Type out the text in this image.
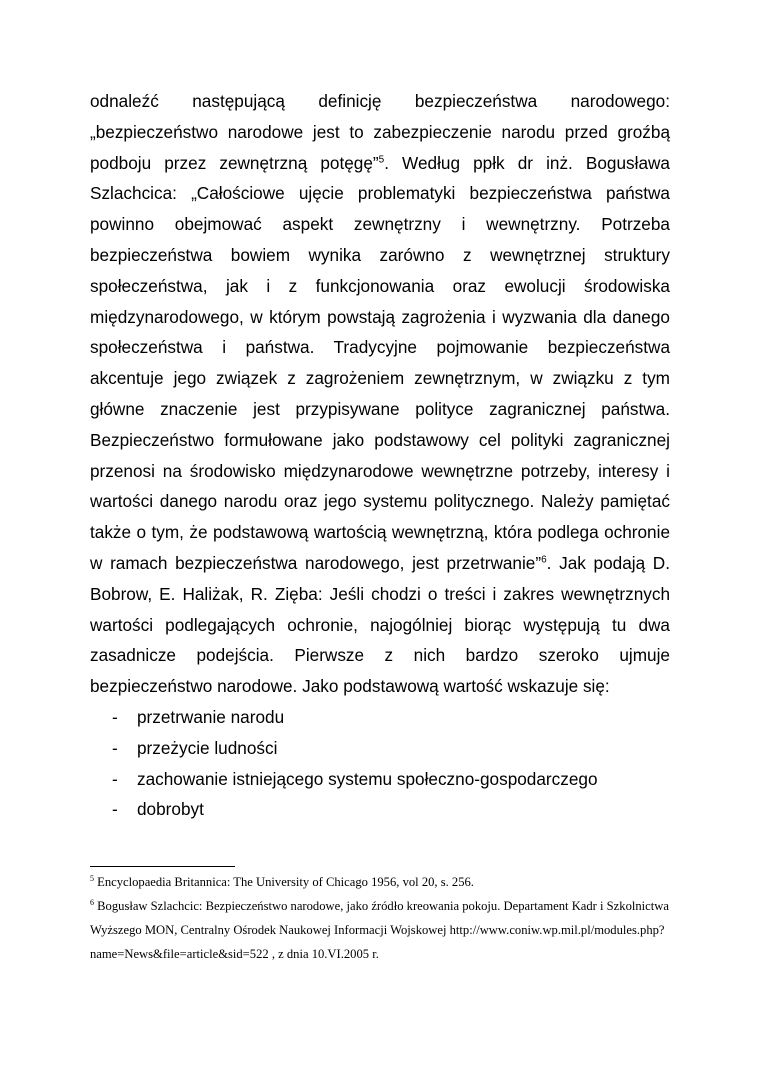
odnaleźć następującą definicję bezpieczeństwa narodowego: „bezpieczeństwo narodowe jest to zabezpieczenie narodu przed groźbą podboju przez zewnętrzną potęgę”$^5$. Według ppłk dr inż. Bogusława Szlachcica: „Całościowe ujęcie problematyki bezpieczeństwa państwa powinno obejmować aspekt zewnętrzny i wewnętrzny. Potrzeba bezpieczeństwa bowiem wynika zarówno z wewnętrznej struktury społeczeństwa, jak i z funkcjonowania oraz ewolucji środowiska międzynarodowego, w którym powstają zagrożenia i wyzwania dla danego społeczeństwa i państwa. Tradycyjne pojmowanie bezpieczeństwa akcentuje jego związek z zagrożeniem zewnętrznym, w związku z tym główne znaczenie jest przypisywane polityce zagranicznej państwa. Bezpieczeństwo formułowane jako podstawowy cel polityki zagranicznej przenosi na środowisko międzynarodowe wewnętrzne potrzeby, interesy i wartości danego narodu oraz jego systemu politycznego. Należy pamiętać także o tym, że podstawową wartością wewnętrzną, która podlega ochronie w ramach bezpieczeństwa narodowego, jest przetrwanie”$^6$. Jak podają D. Bobrow, E. Haliżak, R. Zięba: Jeśli chodzi o treści i zakres wewnętrznych wartości podlegających ochronie, najogólniej biorąc występują tu dwa zasadnicze podejścia. Pierwsze z nich bardzo szeroko ujmuje bezpieczeństwo narodowe. Jako podstawową wartość wskazuje się:

- przetrwanie narodu
- przeżycie ludności
- zachowanie istniejącego systemu społeczno-gospodarczego
- dobrobyt

$^5$ Encyclopaedia Britannica: The University of Chicago 1956, vol 20, s. 256.

$^6$ Bogusław Szlachcic: Bezpieczeństwo narodowe, jako źródło kreowania pokoju. Departament Kadr i Szkolnictwa Wyższego MON, Centralny Ośrodek Naukowej Informacji Wojskowej http://www.coniw.wp.mil.pl/modules.php?name=News&file=article&sid=522 , z dnia 10.VI.2005 r.
